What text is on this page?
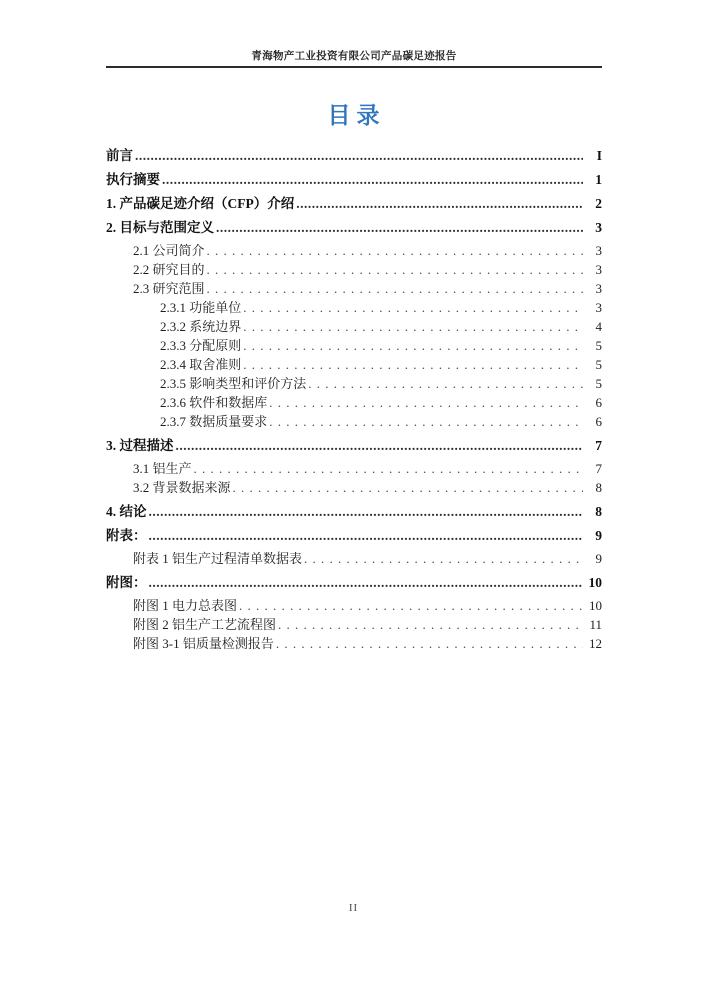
青海物产工业投资有限公司产品碳足迹报告
目录
前言 .....	I
执行摘要 .....	1
1. 产品碳足迹介绍（CFP）介绍 .....	2
2. 目标与范围定义 .....	3
2.1 公司简介 . . .	3
2.2 研究目的 . . .	3
2.3 研究范围 . . .	3
2.3.1 功能单位 . . .	3
2.3.2 系统边界 . . .	4
2.3.3 分配原则 . . .	5
2.3.4 取舍准则 . . .	5
2.3.5 影响类型和评价方法 . . .	5
2.3.6 软件和数据库 . . .	6
2.3.7 数据质量要求 . . .	6
3. 过程描述 .....	7
3.1 铝生产 . . .	7
3.2 背景数据来源 . . .	8
4. 结论 .....	8
附表： .....	9
附表 1 铝生产过程清单数据表 . . .	9
附图： .....	10
附图 1 电力总表图 . . .	10
附图 2 铝生产工艺流程图 . . .	11
附图 3-1 铝质量检测报告 . . .	12
II
